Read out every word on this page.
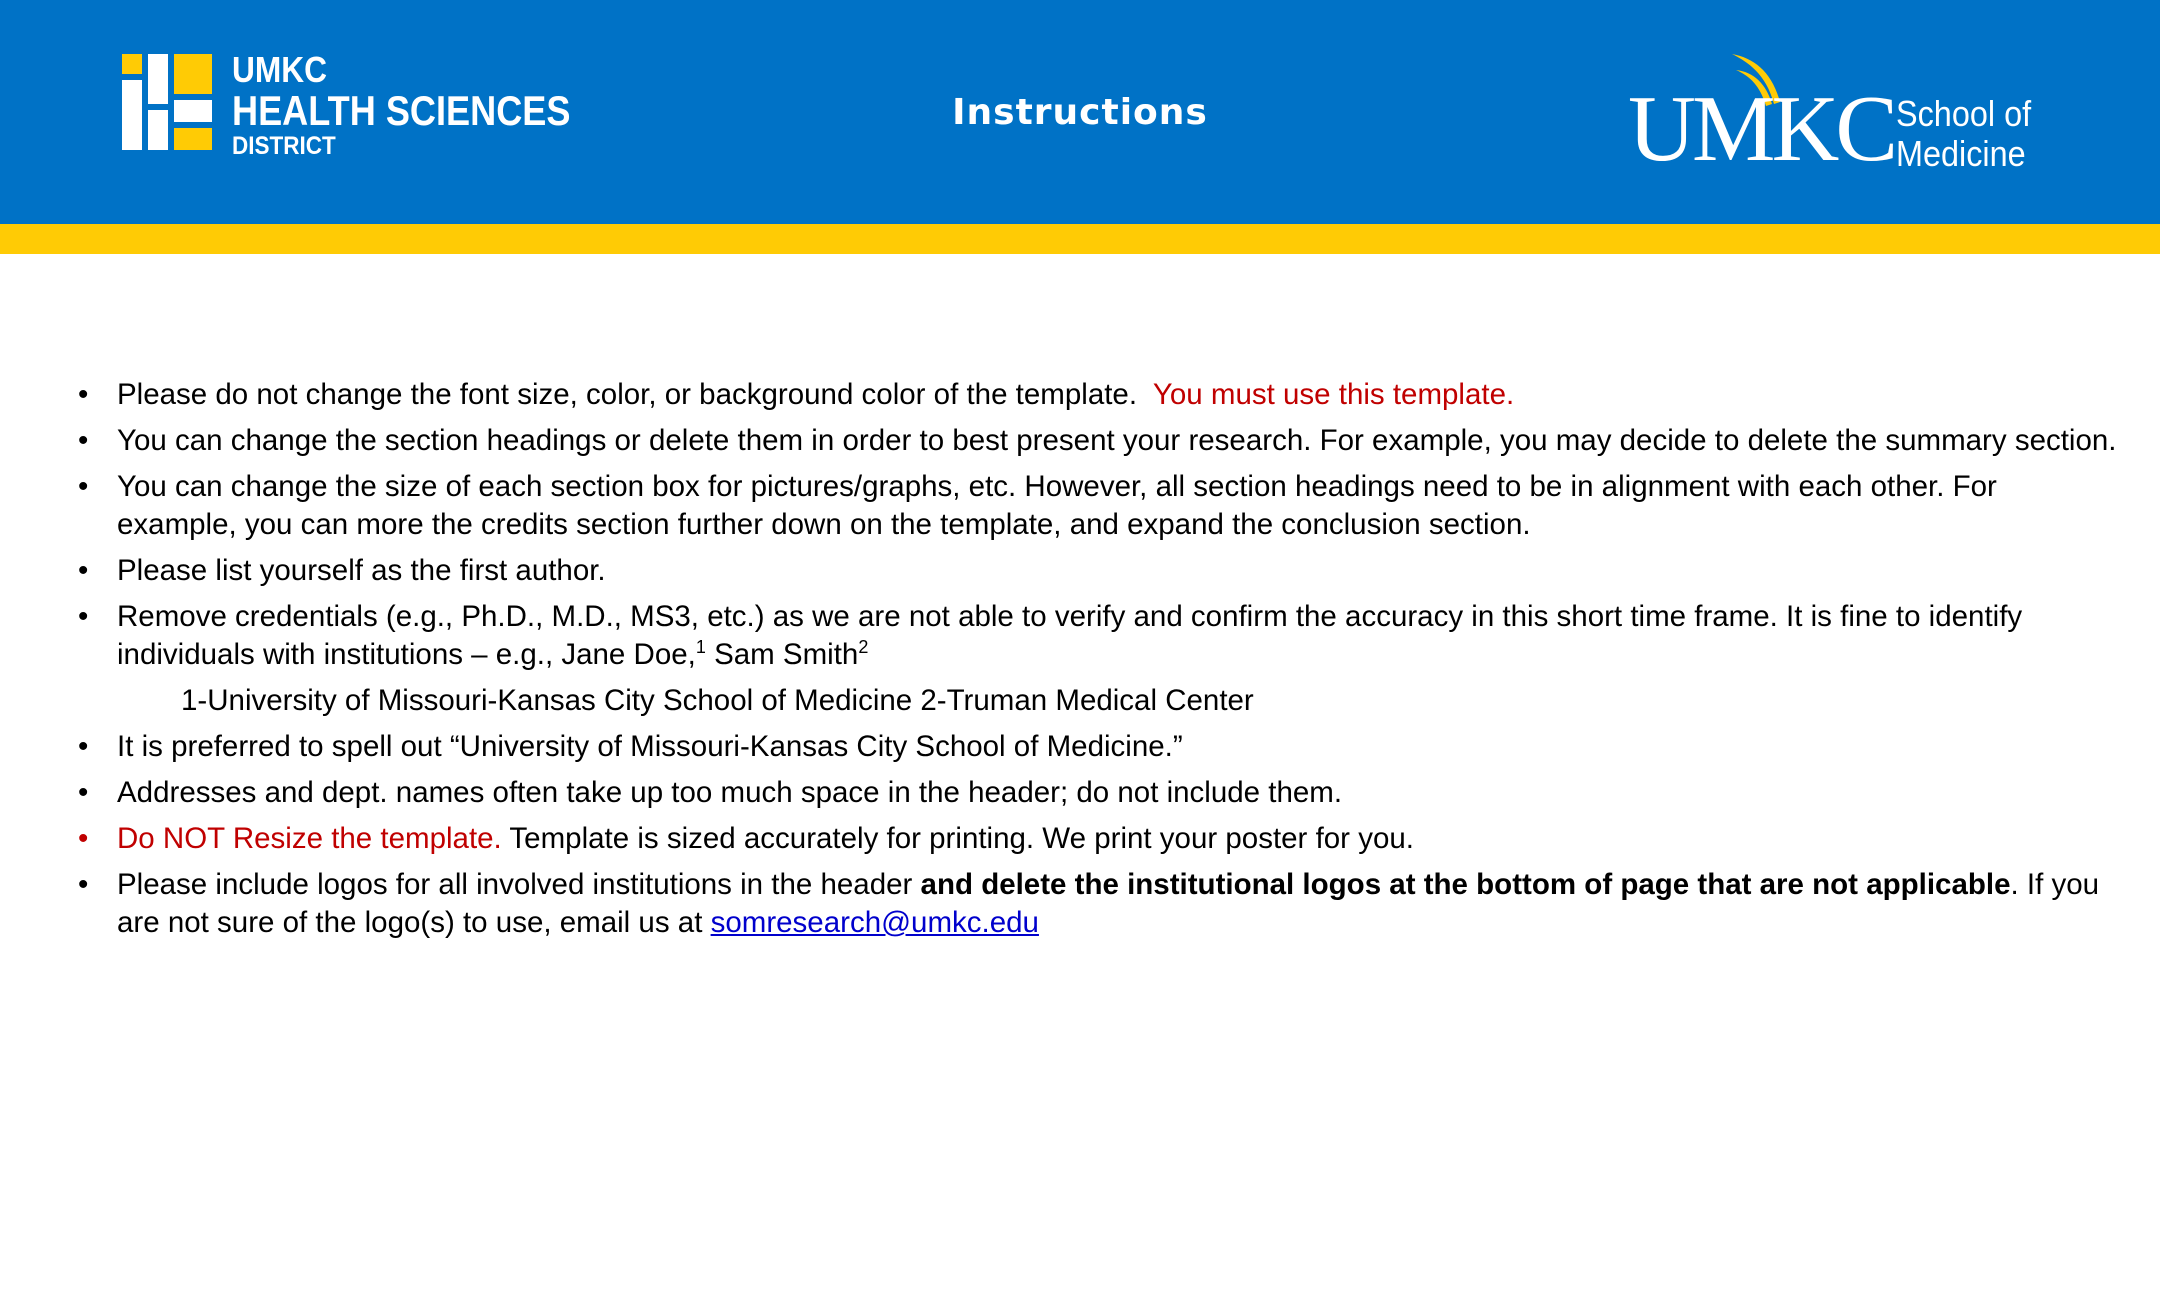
UMKC
HEALTH SCIENCES
DISTRICT
Instructions	UMKC School of
Medicine
• Please do not change the font size, color, or background color of the template.  You must use this template.
• You can change the section headings or delete them in order to best present your research. For example, you may decide to delete the summary section.
• You can change the size of each section box for pictures/graphs, etc. However, all section headings need to be in alignment with each other. For example, you can more the credits section further down on the template, and expand the conclusion section.
• Please list yourself as the first author.
• Remove credentials (e.g., Ph.D., M.D., MS3, etc.) as we are not able to verify and confirm the accuracy in this short time frame. It is fine to identify individuals with institutions – e.g., Jane Doe,$^1$ Sam Smith$^2$
1-University of Missouri-Kansas City School of Medicine 2-Truman Medical Center
• It is preferred to spell out “University of Missouri-Kansas City School of Medicine.”
• Addresses and dept. names often take up too much space in the header; do not include them.
• Do NOT Resize the template. Template is sized accurately for printing. We print your poster for you.
• Please include logos for all involved institutions in the header and delete the institutional logos at the bottom of page that are not applicable. If you are not sure of the logo(s) to use, email us at somresearch@umkc.edu
